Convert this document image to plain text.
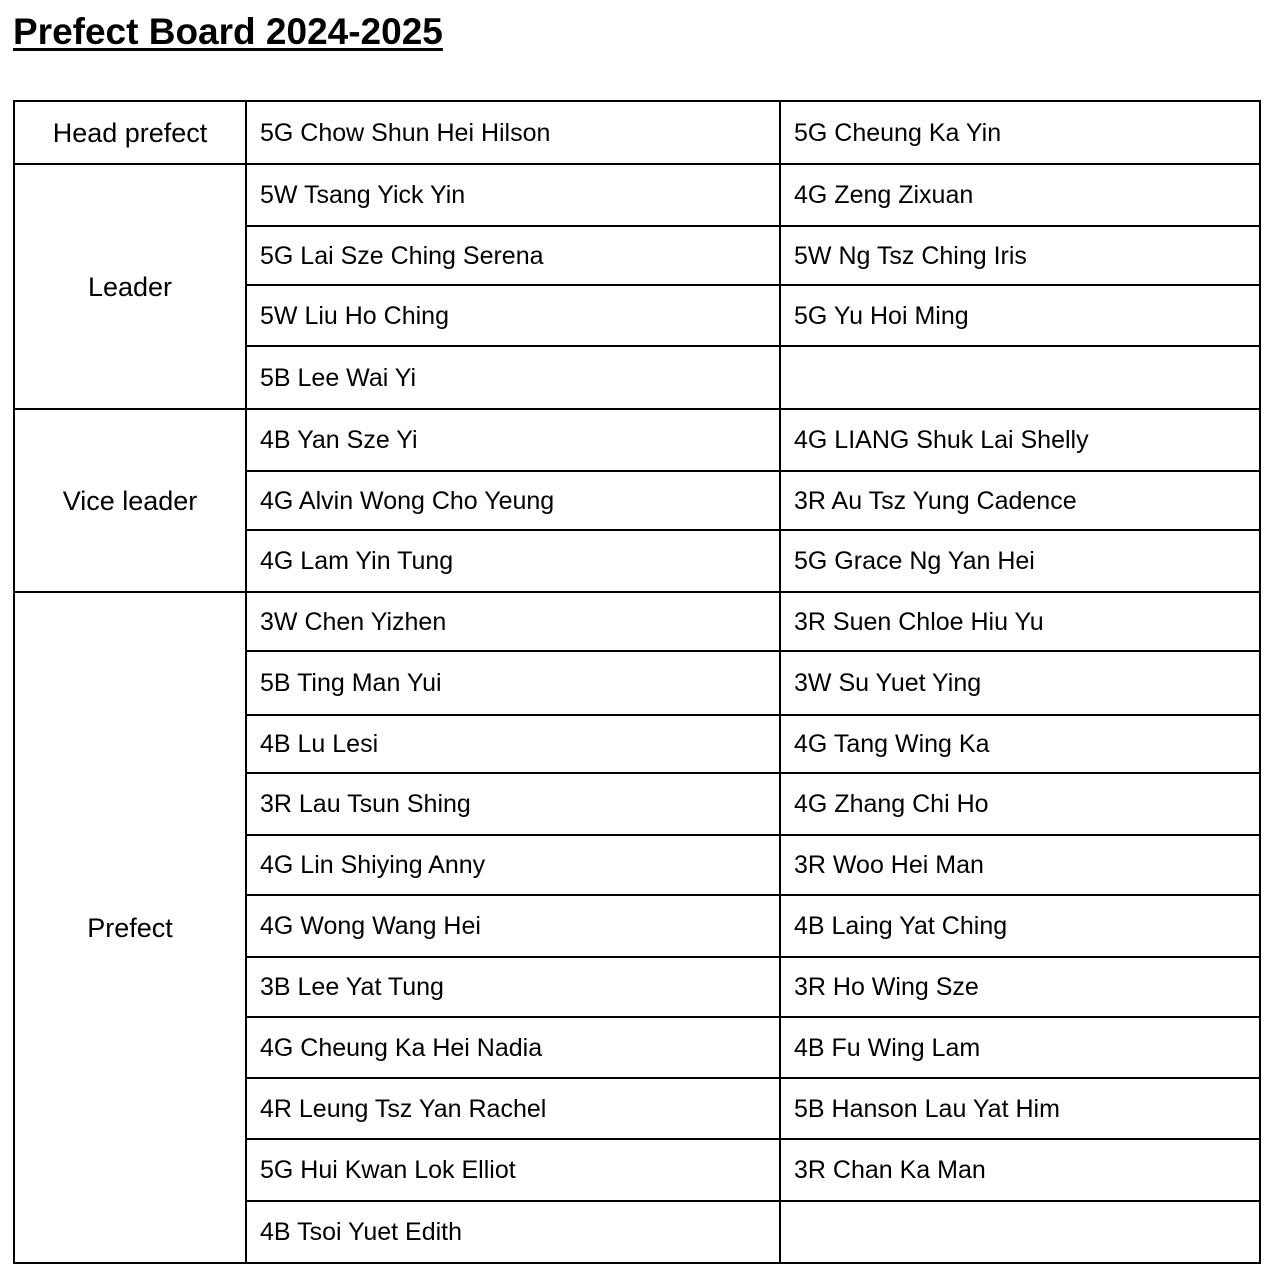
Prefect Board 2024-2025
Head prefect	5G Chow Shun Hei Hilson	5G Cheung Ka Yin
Leader	5W Tsang Yick Yin	4G Zeng Zixuan
	5G Lai Sze Ching Serena	5W Ng Tsz Ching Iris
	5W Liu Ho Ching	5G Yu Hoi Ming
	5B Lee Wai Yi	
Vice leader	4B Yan Sze Yi	4G LIANG Shuk Lai Shelly
	4G Alvin Wong Cho Yeung	3R Au Tsz Yung Cadence
	4G Lam Yin Tung	5G Grace Ng Yan Hei
Prefect	3W Chen Yizhen	3R Suen Chloe Hiu Yu
	5B Ting Man Yui	3W Su Yuet Ying
	4B Lu Lesi	4G Tang Wing Ka
	3R Lau Tsun Shing	4G Zhang Chi Ho
	4G Lin Shiying Anny	3R Woo Hei Man
	4G Wong Wang Hei	4B Laing Yat Ching
	3B Lee Yat Tung	3R Ho Wing Sze
	4G Cheung Ka Hei Nadia	4B Fu Wing Lam
	4R Leung Tsz Yan Rachel	5B Hanson Lau Yat Him
	5G Hui Kwan Lok Elliot	3R Chan Ka Man
	4B Tsoi Yuet Edith	
